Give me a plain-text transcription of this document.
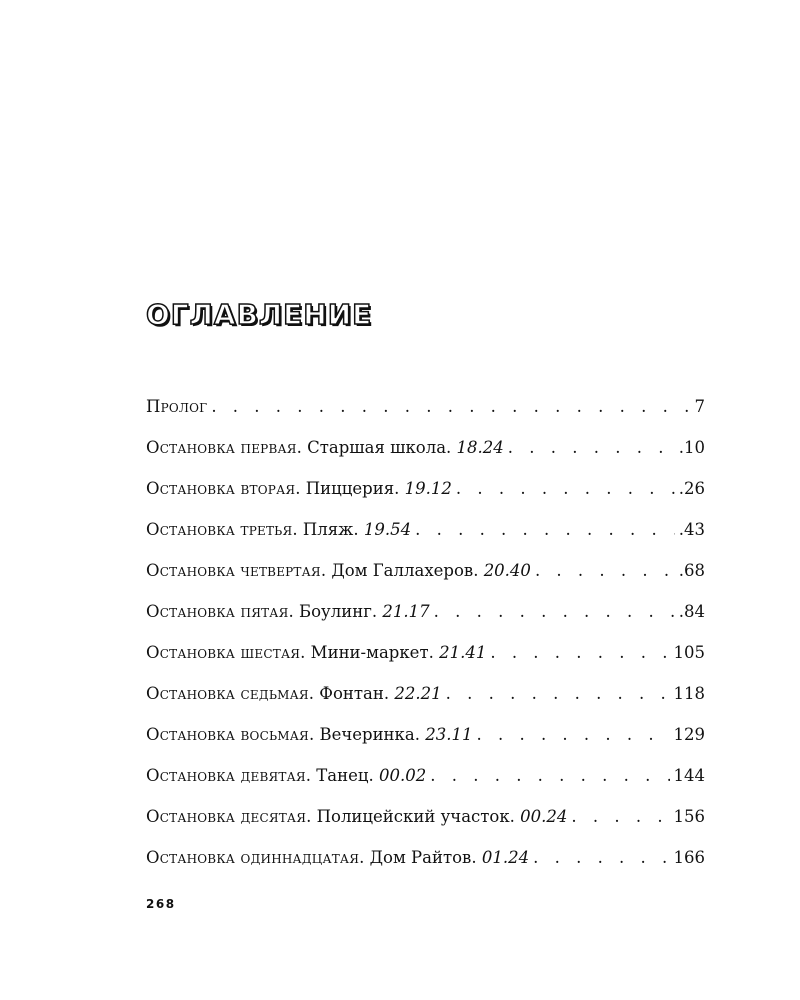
ОГЛАВЛЕНИЕ
Пролог . . .	7
Остановка первая . Старшая школа . 18.24 . . .	.10
Остановка вторая . Пиццерия . 19.12 . . .	.26
Остановка третья . Пляж . 19.54 . . .	.43
Остановка четвертая . Дом Галлахеров . 20.40 . . .	.68
Остановка пятая . Боулинг . 21.17 . . .	.84
Остановка шестая . Мини-маркет . 21.41 . . .	105
Остановка седьмая . Фонтан . 22.21 . . .	118
Остановка восьмая . Вечеринка . 23.11 . . .	129
Остановка девятая . Танец . 00.02 . . .	144
Остановка десятая . Полицейский участок . 00.24 . . .	156
Остановка одиннадцатая . Дом Райтов . 01.24 . . .	166
268
